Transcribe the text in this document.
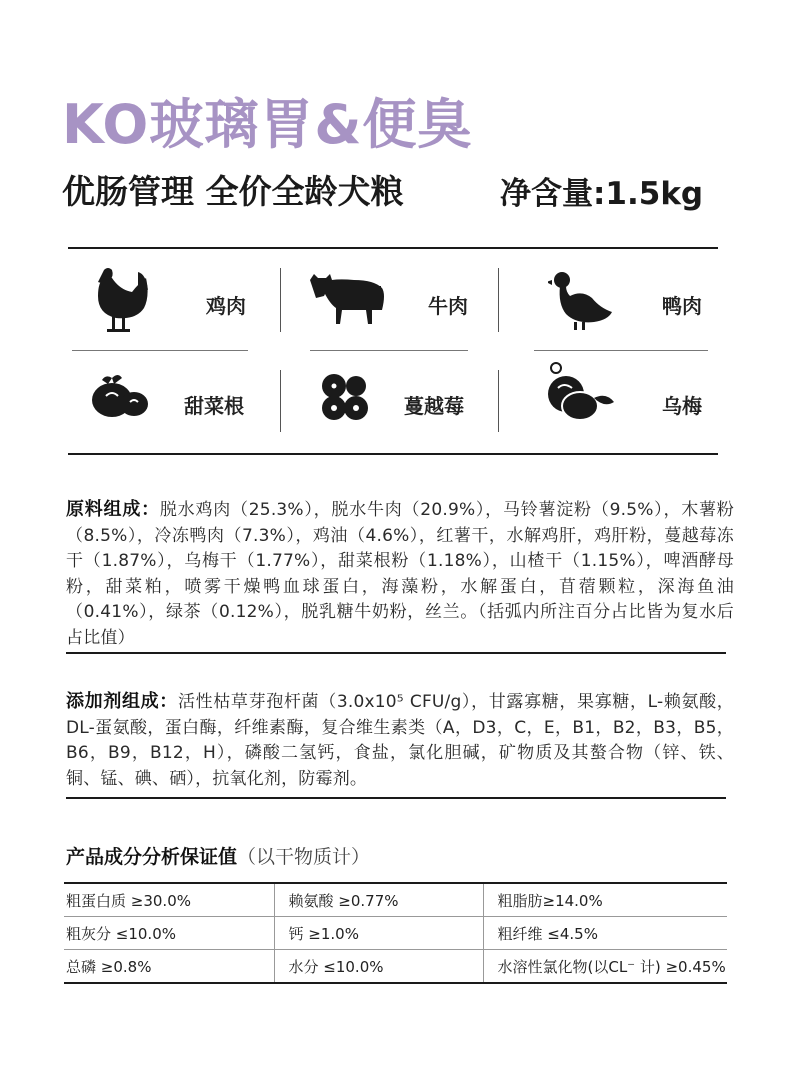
KO玻璃胃&便臭
优肠管理 全价全龄犬粮	净含量:1.5kg
鸡肉	牛肉	鸭肉
甜菜根	蔓越莓	乌梅
原料组成：脱水鸡肉（25.3%），脱水牛肉（20.9%），马铃薯淀粉（9.5%），木薯粉（8.5%），冷冻鸭肉（7.3%），鸡油（4.6%），红薯干，水解鸡肝，鸡肝粉，蔓越莓冻干（1.87%），乌梅干（1.77%），甜菜根粉（1.18%），山楂干（1.15%），啤酒酵母粉，甜菜粕，喷雾干燥鸭血球蛋白，海藻粉，水解蛋白，苜蓿颗粒，深海鱼油（0.41%），绿茶（0.12%），脱乳糖牛奶粉，丝兰。（括弧内所注百分占比皆为复水后占比值）
添加剂组成：活性枯草芽孢杆菌（3.0x10⁵ CFU/g），甘露寡糖，果寡糖，L-赖氨酸，DL-蛋氨酸，蛋白酶，纤维素酶，复合维生素类（A，D3，C，E，B1，B2，B3，B5，B6，B9，B12，H），磷酸二氢钙，食盐，氯化胆碱，矿物质及其螯合物（锌、铁、铜、锰、碘、硒），抗氧化剂，防霉剂。
产品成分分析保证值（以干物质计）
粗蛋白质 ≥30.0%	赖氨酸 ≥0.77%	粗脂肪≥14.0%
粗灰分 ≤10.0%	钙 ≥1.0%	粗纤维 ≤4.5%
总磷 ≥0.8%	水分 ≤10.0%	水溶性氯化物(以CL⁻ 计) ≥0.45%
